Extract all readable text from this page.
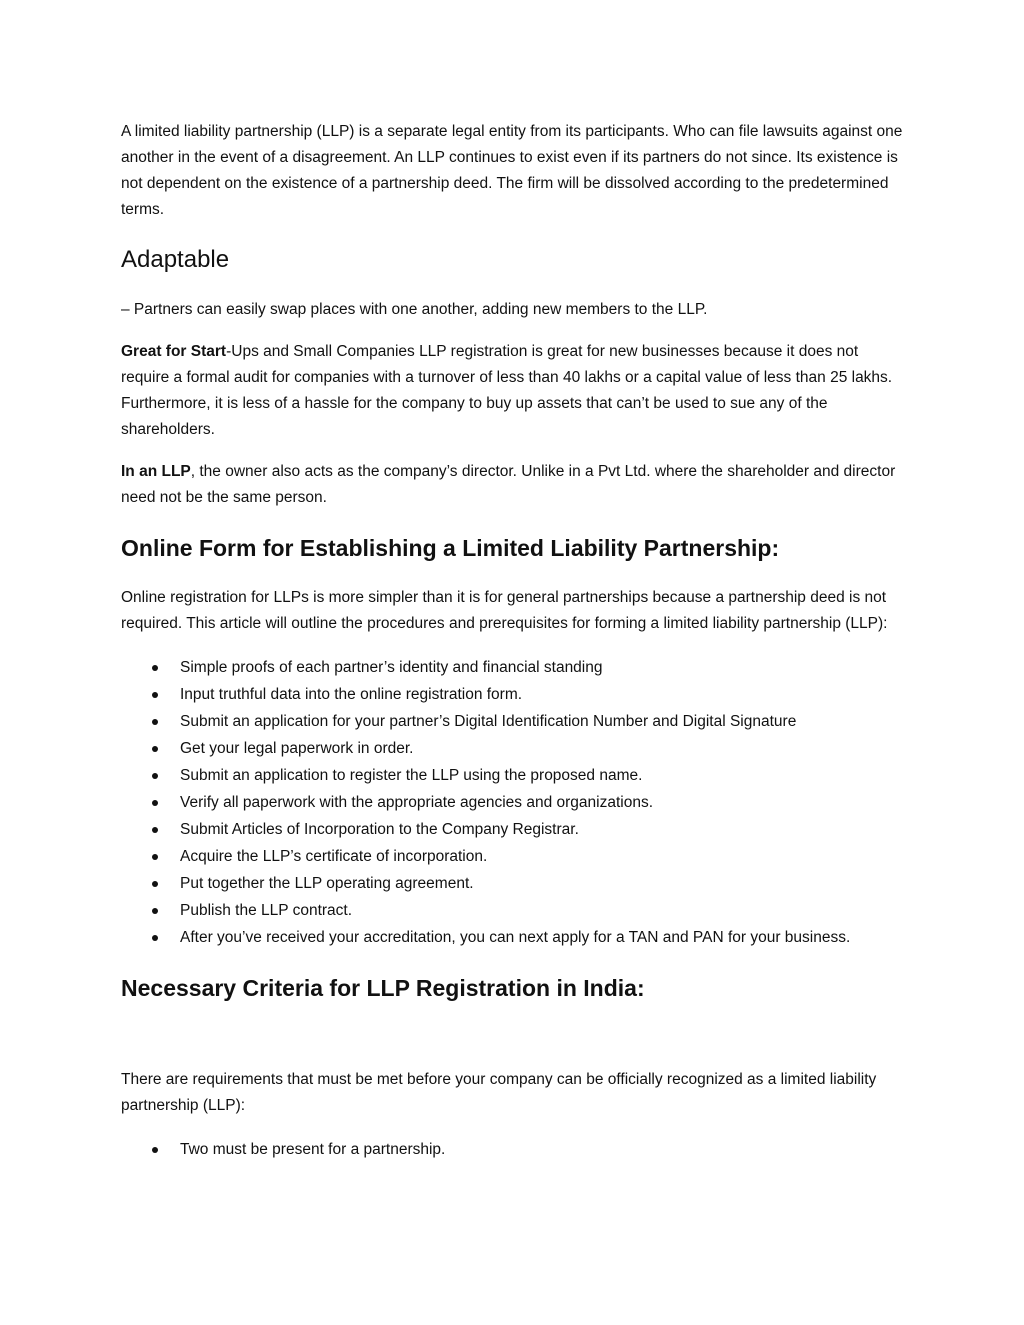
A limited liability partnership (LLP) is a separate legal entity from its participants. Who can file lawsuits against one another in the event of a disagreement. An LLP continues to exist even if its partners do not since. Its existence is not dependent on the existence of a partnership deed. The firm will be dissolved according to the predetermined terms.

Adaptable

– Partners can easily swap places with one another, adding new members to the LLP.

Great for Start-Ups and Small Companies LLP registration is great for new businesses because it does not require a formal audit for companies with a turnover of less than 40 lakhs or a capital value of less than 25 lakhs. Furthermore, it is less of a hassle for the company to buy up assets that can’t be used to sue any of the shareholders.

In an LLP, the owner also acts as the company’s director. Unlike in a Pvt Ltd. where the shareholder and director need not be the same person.

Online Form for Establishing a Limited Liability Partnership:

Online registration for LLPs is more simpler than it is for general partnerships because a partnership deed is not required. This article will outline the procedures and prerequisites for forming a limited liability partnership (LLP):

Simple proofs of each partner’s identity and financial standing
Input truthful data into the online registration form.
Submit an application for your partner’s Digital Identification Number and Digital Signature
Get your legal paperwork in order.
Submit an application to register the LLP using the proposed name.
Verify all paperwork with the appropriate agencies and organizations.
Submit Articles of Incorporation to the Company Registrar.
Acquire the LLP’s certificate of incorporation.
Put together the LLP operating agreement.
Publish the LLP contract.
After you’ve received your accreditation, you can next apply for a TAN and PAN for your business.
Necessary Criteria for LLP Registration in India:

There are requirements that must be met before your company can be officially recognized as a limited liability partnership (LLP):

Two must be present for a partnership.
